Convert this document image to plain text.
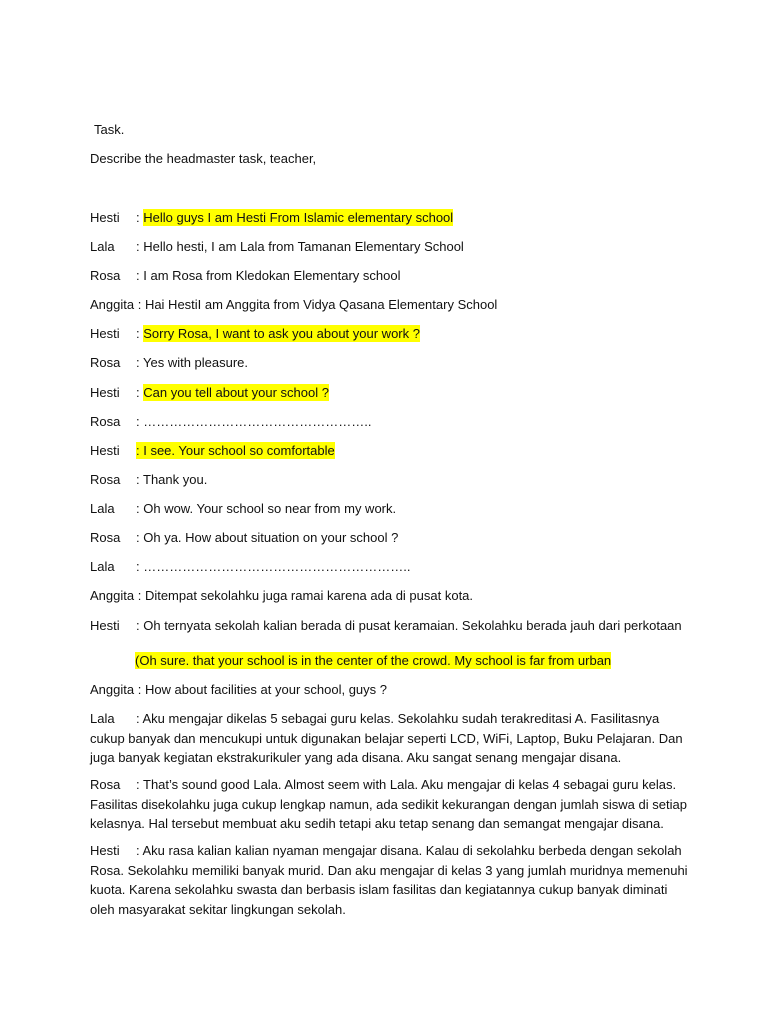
Task.
Describe the headmaster task, teacher,
Hesti : Hello guys I am Hesti From Islamic elementary school
Lala : Hello hesti, I am Lala from Tamanan Elementary School
Rosa : I am Rosa from Kledokan Elementary school
Anggita : Hai HestiI am Anggita from Vidya Qasana Elementary School
Hesti : Sorry Rosa, I want to ask you about your work ?
Rosa : Yes with pleasure.
Hesti : Can you tell about your school ?
Rosa : ……………………………………………..
Hesti : I see. Your school so comfortable
Rosa : Thank you.
Lala : Oh wow. Your school so near from my work.
Rosa : Oh ya. How about situation on your school ?
Lala : ……………………………………………………..
Anggita : Ditempat sekolahku juga ramai karena ada di pusat kota.
Hesti : Oh ternyata sekolah kalian berada di pusat keramaian. Sekolahku berada jauh dari perkotaan
(Oh sure. that your school is in the center of the crowd. My school is far from urban
Anggita : How about facilities at your school, guys ?
Lala : Aku mengajar dikelas 5 sebagai guru kelas. Sekolahku sudah terakreditasi A. Fasilitasnya cukup banyak dan mencukupi untuk digunakan belajar seperti LCD, WiFi, Laptop, Buku Pelajaran. Dan juga banyak kegiatan ekstrakurikuler yang ada disana. Aku sangat senang mengajar disana.
Rosa : That’s sound good Lala. Almost seem with Lala. Aku mengajar di kelas 4 sebagai guru kelas. Fasilitas disekolahku juga cukup lengkap namun, ada sedikit kekurangan dengan jumlah siswa di setiap kelasnya. Hal tersebut membuat aku sedih tetapi aku tetap senang dan semangat mengajar disana.
Hesti : Aku rasa kalian kalian nyaman mengajar disana. Kalau di sekolahku berbeda dengan sekolah Rosa. Sekolahku memiliki banyak murid. Dan aku mengajar di kelas 3 yang jumlah muridnya memenuhi kuota. Karena sekolahku swasta dan berbasis islam fasilitas dan kegiatannya cukup banyak diminati oleh masyarakat sekitar lingkungan sekolah.
